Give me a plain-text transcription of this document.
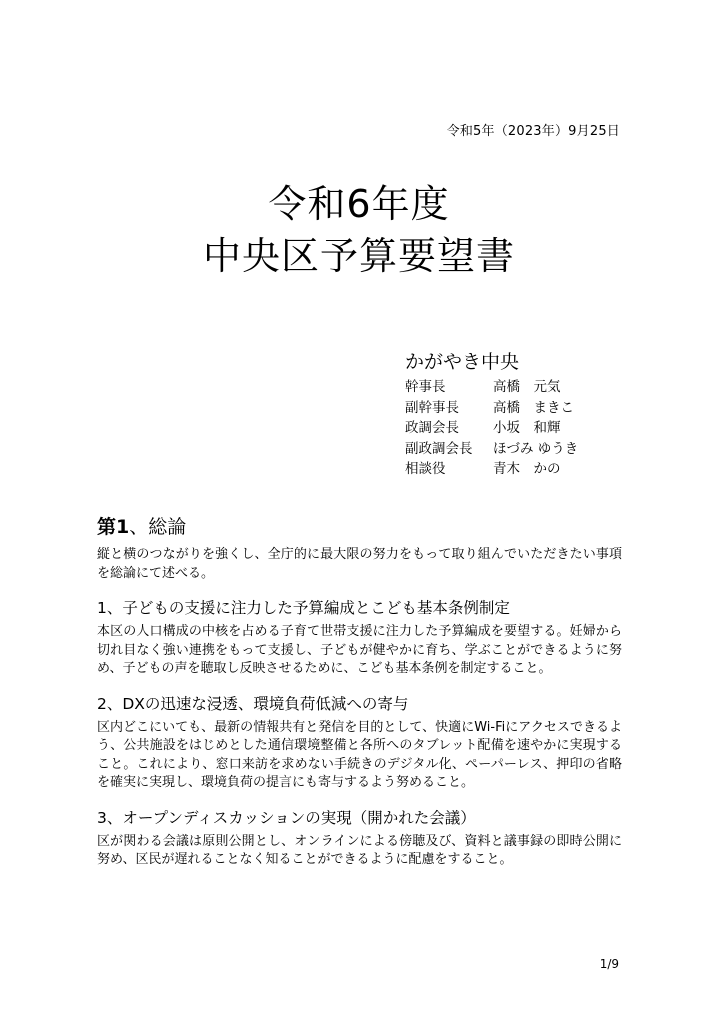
令和5年（2023年）9月25日
令和6年度
中央区予算要望書
かがやき中央
幹事長	高橋　元気
副幹事長	高橋　まきこ
政調会長	小坂　和輝
副政調会長	ほづみ ゆうき
相談役	青木　かの
第1、総論

縦と横のつながりを強くし、全庁的に最大限の努力をもって取り組んでいただきたい事項を総論にて述べる。

1、子どもの支援に注力した予算編成とこども基本条例制定

本区の人口構成の中核を占める子育て世帯支援に注力した予算編成を要望する。妊婦から切れ目なく強い連携をもって支援し、子どもが健やかに育ち、学ぶことができるように努め、子どもの声を聴取し反映させるために、こども基本条例を制定すること。

2、DXの迅速な浸透、環境負荷低減への寄与

区内どこにいても、最新の情報共有と発信を目的として、快適にWi-Fiにアクセスできるよう、公共施設をはじめとした通信環境整備と各所へのタブレット配備を速やかに実現すること。これにより、窓口来訪を求めない手続きのデジタル化、ペーパーレス、押印の省略を確実に実現し、環境負荷の提言にも寄与するよう努めること。

3、オープンディスカッションの実現（開かれた会議）

区が関わる会議は原則公開とし、オンラインによる傍聴及び、資料と議事録の即時公開に努め、区民が遅れることなく知ることができるように配慮をすること。

1/9
